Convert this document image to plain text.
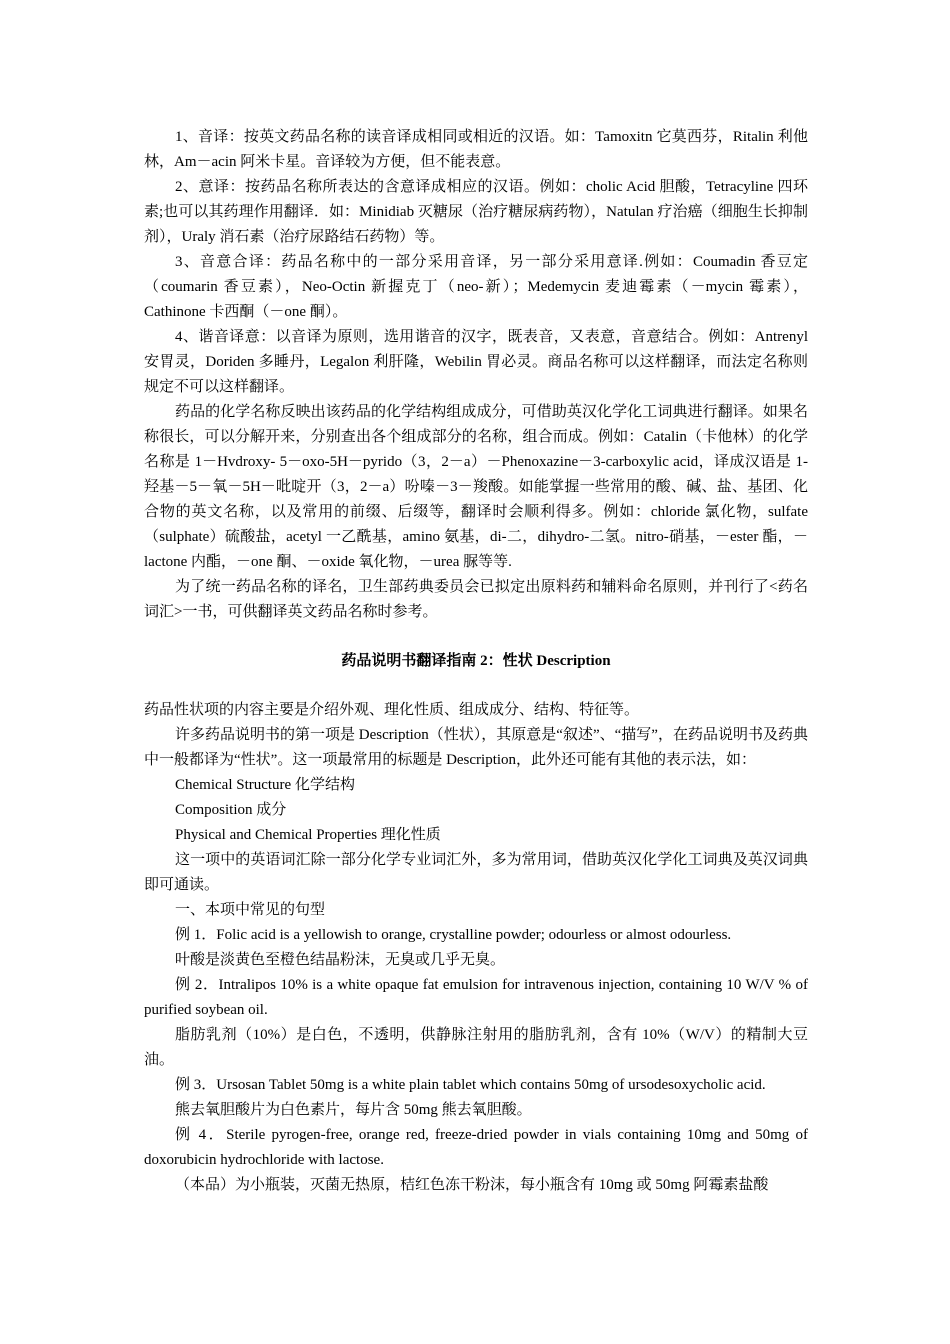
1、音译：按英文药品名称的读音译成相同或相近的汉语。如：Tamoxitn 它莫西芬，Ritalin 利他林，Am－acin 阿米卡星。音译较为方便，但不能表意。

2、意译：按药品名称所表达的含意译成相应的汉语。例如：cholic Acid 胆酸，Tetracyline 四环素;也可以其药理作用翻译．如：Minidiab 灭糖尿（治疗糖尿病药物），Natulan 疗治癌（细胞生长抑制剂），Uraly 消石素（治疗尿路结石药物）等。

3、音意合译：药品名称中的一部分采用音译，另一部分采用意译.例如：Coumadin 香豆定（coumarin 香豆素），Neo-Octin 新握克丁（neo-新）；Medemycin 麦迪霉素（－mycin 霉素），Cathinone 卡西酮（－one 酮）。

4、谐音译意：以音译为原则，选用谐音的汉字，既表音，又表意，音意结合。例如：Antrenyl 安胃灵，Doriden 多睡丹，Legalon 利肝隆，Webilin 胃必灵。商品名称可以这样翻译，而法定名称则规定不可以这样翻译。

药品的化学名称反映出该药品的化学结构组成成分，可借助英汉化学化工词典进行翻译。如果名称很长，可以分解开来，分别查出各个组成部分的名称，组合而成。例如：Catalin（卡他林）的化学名称是 1－Hvdroxy- 5－oxo-5H－pyrido（3，2－a）－Phenoxazine－3-carboxylic acid，译成汉语是 1-羟基－5－氧－5H－吡啶开（3，2－a）吩嗪－3－羧酸。如能掌握一些常用的酸、碱、盐、基团、化合物的英文名称，以及常用的前缀、后缀等，翻译时会顺利得多。例如：chloride 氯化物，sulfate（sulphate）硫酸盐，acetyl 一乙酰基，amino 氨基，di-二，dihydro-二氢。nitro-硝基，－ester 酯，－lactone 内酯，－one 酮、－oxide 氧化物，－urea 脲等等.

为了统一药品名称的译名，卫生部药典委员会已拟定出原料药和辅料命名原则，并刊行了<药名词汇>一书，可供翻译英文药品名称时参考。

药品说明书翻译指南 2：性状 Description

药品性状项的内容主要是介绍外观、理化性质、组成成分、结构、特征等。

许多药品说明书的第一项是 Description（性状），其原意是“叙述”、“描写”，在药品说明书及药典中一般都译为“性状”。这一项最常用的标题是 Description，此外还可能有其他的表示法，如：

Chemical Structure 化学结构

Composition 成分

Physical and Chemical Properties 理化性质

这一项中的英语词汇除一部分化学专业词汇外，多为常用词，借助英汉化学化工词典及英汉词典即可通读。

一、本项中常见的句型

例 1．Folic acid is a yellowish to orange, crystalline powder; odourless or almost odourless.

叶酸是淡黄色至橙色结晶粉沫，无臭或几乎无臭。

例 2．Intralipos 10% is a white opaque fat emulsion for intravenous injection, containing 10 W/V % of purified soybean oil.

脂肪乳剂（10%）是白色，不透明，供静脉注射用的脂肪乳剂，含有 10%（W/V）的精制大豆油。

例 3．Ursosan Tablet 50mg is a white plain tablet which contains 50mg of ursodesoxycholic acid.

熊去氧胆酸片为白色素片，每片含 50mg 熊去氧胆酸。

例 4．Sterile pyrogen-free, orange red, freeze-dried powder in vials containing 10mg and 50mg of doxorubicin hydrochloride with lactose.

（本品）为小瓶装，灭菌无热原，桔红色冻干粉沫，每小瓶含有 10mg 或 50mg 阿霉素盐酸
